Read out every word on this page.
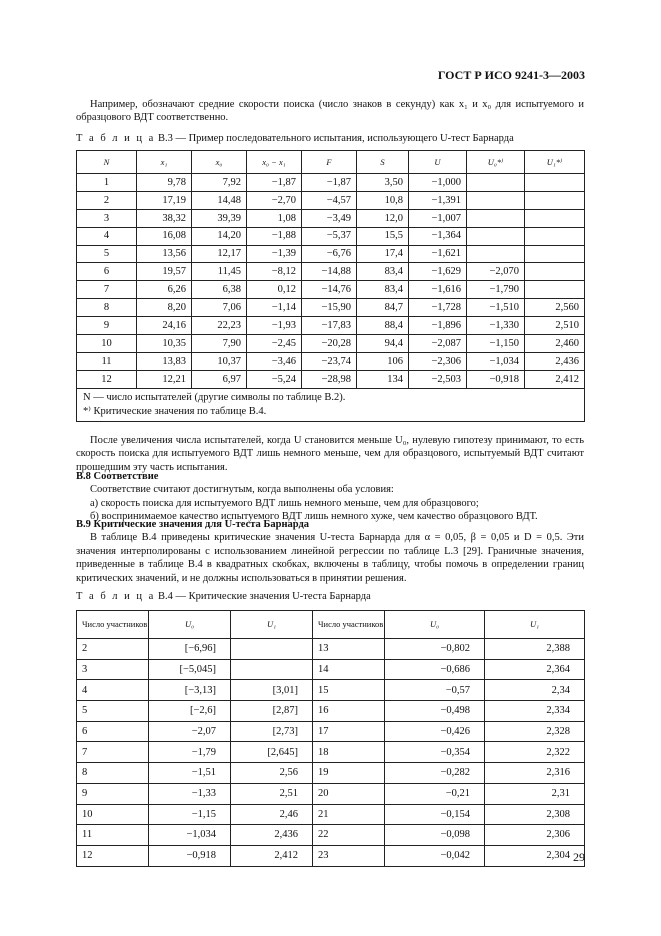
ГОСТ Р ИСО 9241-3—2003

Например, обозначают средние скорости поиска (число знаков в секунду) как x₁ и x₀ для испытуемого и образцового ВДТ соответственно.

Т а б л и ц а В.3 — Пример последовательного испытания, использующего U-тест Барнарда

N	x₁	x₀	x₀ − x₁	F	S	U	U₀*⁾	U₁*⁾
1	9,78	7,92	−1,87	−1,87	3,50	−1,000		
2	17,19	14,48	−2,70	−4,57	10,8	−1,391		
3	38,32	39,39	1,08	−3,49	12,0	−1,007		
4	16,08	14,20	−1,88	−5,37	15,5	−1,364		
5	13,56	12,17	−1,39	−6,76	17,4	−1,621		
6	19,57	11,45	−8,12	−14,88	83,4	−1,629	−2,070	
7	6,26	6,38	0,12	−14,76	83,4	−1,616	−1,790	
8	8,20	7,06	−1,14	−15,90	84,7	−1,728	−1,510	2,560
9	24,16	22,23	−1,93	−17,83	88,4	−1,896	−1,330	2,510
10	10,35	7,90	−2,45	−20,28	94,4	−2,087	−1,150	2,460
11	13,83	10,37	−3,46	−23,74	106	−2,306	−1,034	2,436
12	12,21	6,97	−5,24	−28,98	134	−2,503	−0,918	2,412

N — число испытателей (другие символы по таблице В.2).
*⁾ Критические значения по таблице В.4.								

После увеличения числа испытателей, когда U становится меньше U₀, нулевую гипотезу принимают, то есть скорость поиска для испытуемого ВДТ лишь немного меньше, чем для образцового, испытуемый ВДТ считают прошедшим эту часть испытания.

В.8 Соответствие
Соответствие считают достигнутым, когда выполнены оба условия:
а) скорость поиска для испытуемого ВДТ лишь немного меньше, чем для образцового;
б) воспринимаемое качество испытуемого ВДТ лишь немного хуже, чем качество образцового ВДТ.
В.9 Критические значения для U-теста Барнарда
В таблице В.4 приведены критические значения U-теста Барнарда для α = 0,05, β = 0,05 и D = 0,5. Эти значения интерполированы с использованием линейной регрессии по таблице L.3 [29]. Граничные значения, приведенные в таблице В.4 в квадратных скобках, включены в таблицу, чтобы помочь в определении границ критических значений, и не должны использоваться в принятии решения.

Т а б л и ц а В.4 — Критические значения U-теста Барнарда

Число участников	U₀	U₁	Число участников	U₀	U₁
2	[−6,96]		13	−0,802	2,388
3	[−5,045]		14	−0,686	2,364
4	[−3,13]	[3,01]	15	−0,57	2,34
5	[−2,6]	[2,87]	16	−0,498	2,334
6	−2,07	[2,73]	17	−0,426	2,328
7	−1,79	[2,645]	18	−0,354	2,322
8	−1,51	2,56	19	−0,282	2,316
9	−1,33	2,51	20	−0,21	2,31
10	−1,15	2,46	21	−0,154	2,308
11	−1,034	2,436	22	−0,098	2,306
12	−0,918	2,412	23	−0,042	2,304 29
